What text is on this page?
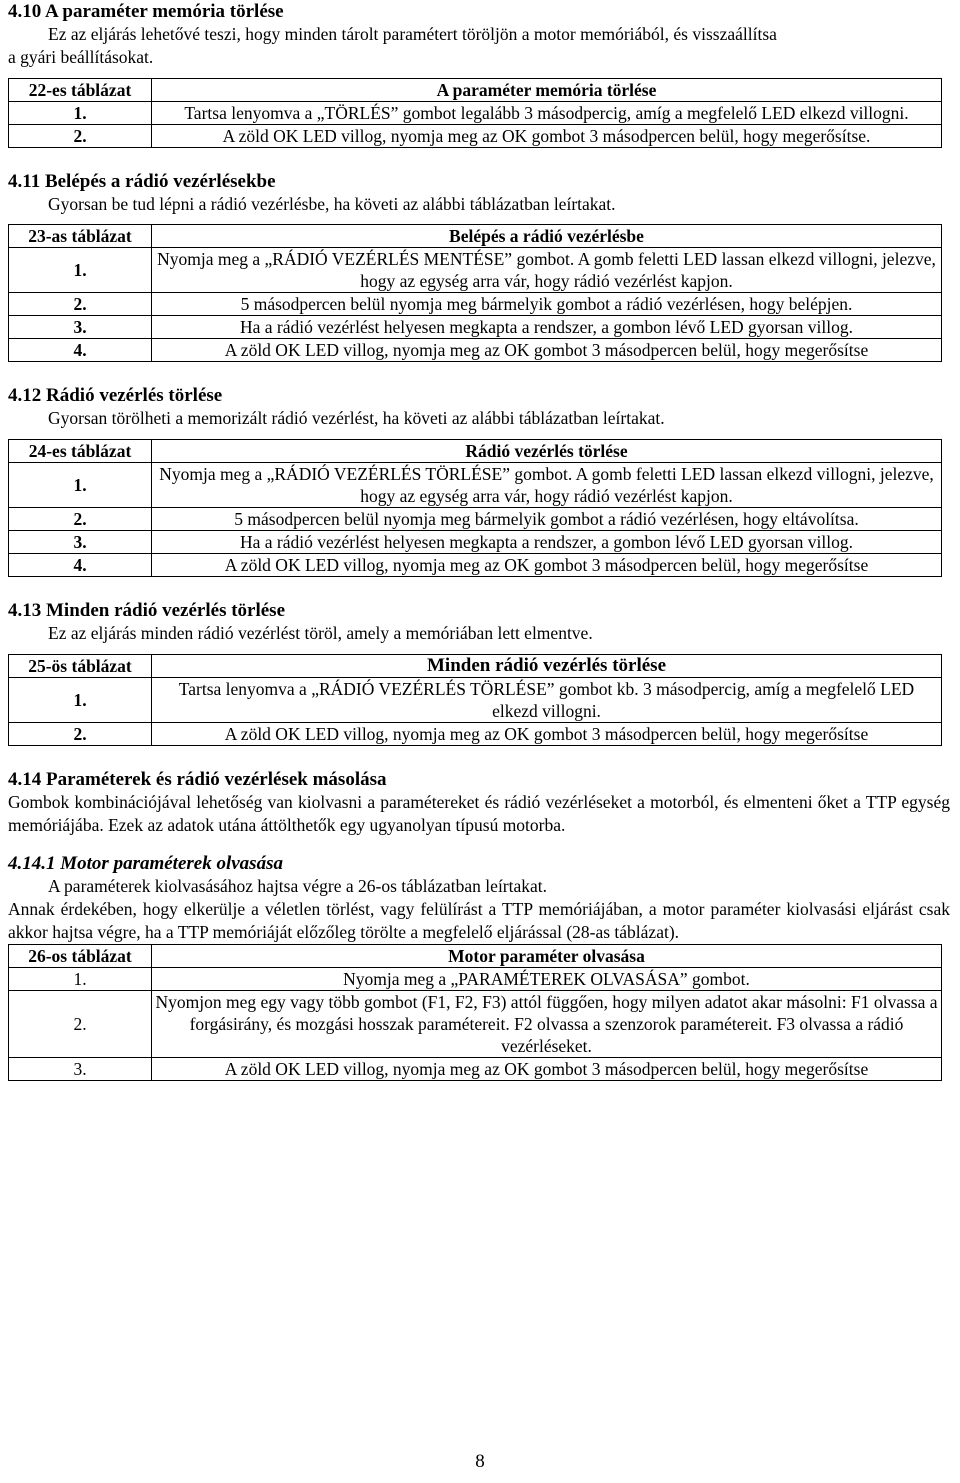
4.10 A paraméter memória törlése

Ez az eljárás lehetővé teszi, hogy minden tárolt paramétert töröljön a motor memóriából, és visszaállítsa

a gyári beállításokat.

22-es táblázat	A paraméter memória törlése
1.	Tartsa lenyomva a „TÖRLÉS” gombot legalább 3 másodpercig, amíg a megfelelő LED elkezd villogni.
2.	A zöld OK LED villog, nyomja meg az OK gombot 3 másodpercen belül, hogy megerősítse.
4.11 Belépés a rádió vezérlésekbe

Gyorsan be tud lépni a rádió vezérlésbe, ha követi az alábbi táblázatban leírtakat.

23-as táblázat	Belépés a rádió vezérlésbe
1.	Nyomja meg a „RÁDIÓ VEZÉRLÉS MENTÉSE” gombot. A gomb feletti LED lassan elkezd villogni, jelezve, hogy az egység arra vár, hogy rádió vezérlést kapjon.
2.	5 másodpercen belül nyomja meg bármelyik gombot a rádió vezérlésen, hogy belépjen.
3.	Ha a rádió vezérlést helyesen megkapta a rendszer, a gombon lévő LED gyorsan villog.
4.	A zöld OK LED villog, nyomja meg az OK gombot 3 másodpercen belül, hogy megerősítse
4.12 Rádió vezérlés törlése

Gyorsan törölheti a memorizált rádió vezérlést, ha követi az alábbi táblázatban leírtakat.

24-es táblázat	Rádió vezérlés törlése
1.	Nyomja meg a „RÁDIÓ VEZÉRLÉS TÖRLÉSE” gombot. A gomb feletti LED lassan elkezd villogni, jelezve, hogy az egység arra vár, hogy rádió vezérlést kapjon.
2.	5 másodpercen belül nyomja meg bármelyik gombot a rádió vezérlésen, hogy eltávolítsa.
3.	Ha a rádió vezérlést helyesen megkapta a rendszer, a gombon lévő LED gyorsan villog.
4.	A zöld OK LED villog, nyomja meg az OK gombot 3 másodpercen belül, hogy megerősítse
4.13 Minden rádió vezérlés törlése

Ez az eljárás minden rádió vezérlést töröl, amely a memóriában lett elmentve.

25-ös táblázat	Minden rádió vezérlés törlése
1.	Tartsa lenyomva a „RÁDIÓ VEZÉRLÉS TÖRLÉSE” gombot kb. 3 másodpercig, amíg a megfelelő LED elkezd villogni.
2.	A zöld OK LED villog, nyomja meg az OK gombot 3 másodpercen belül, hogy megerősítse
4.14 Paraméterek és rádió vezérlések másolása

Gombok kombinációjával lehetőség van kiolvasni a paramétereket és rádió vezérléseket a motorból, és elmenteni őket a TTP egység memóriájába. Ezek az adatok utána áttölthetők egy ugyanolyan típusú motorba.

4.14.1 Motor paraméterek olvasása

A paraméterek kiolvasásához hajtsa végre a 26-os táblázatban leírtakat.

Annak érdekében, hogy elkerülje a véletlen törlést, vagy felülírást a TTP memóriájában, a motor paraméter kiolvasási eljárást csak akkor hajtsa végre, ha a TTP memóriáját előzőleg törölte a megfelelő eljárással (28-as táblázat).

26-os táblázat	Motor paraméter olvasása
1.	Nyomja meg a „PARAMÉTEREK OLVASÁSA” gombot.
2.	Nyomjon meg egy vagy több gombot (F1, F2, F3) attól függően, hogy milyen adatot akar másolni: F1 olvassa a forgásirány, és mozgási hosszak paramétereit. F2 olvassa a szenzorok paramétereit. F3 olvassa a rádió vezérléseket.
3.	A zöld OK LED villog, nyomja meg az OK gombot 3 másodpercen belül, hogy megerősítse
8
